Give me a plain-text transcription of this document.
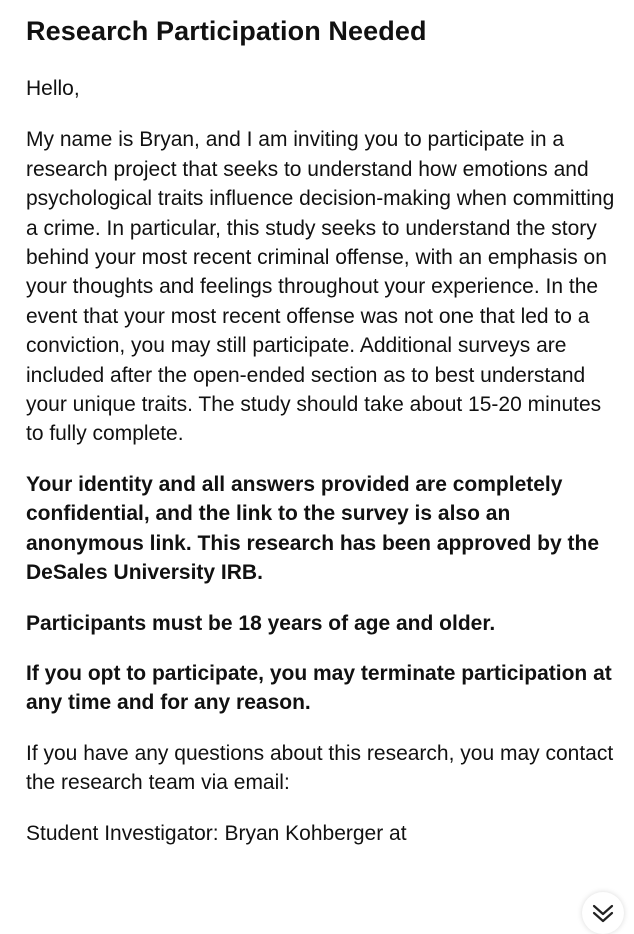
Research Participation Needed
Hello,
My name is Bryan, and I am inviting you to participate in a research project that seeks to understand how emotions and psychological traits influence decision-making when committing a crime. In particular, this study seeks to understand the story behind your most recent criminal offense, with an emphasis on your thoughts and feelings throughout your experience. In the event that your most recent offense was not one that led to a conviction, you may still participate. Additional surveys are included after the open-ended section as to best understand your unique traits. The study should take about 15-20 minutes to fully complete.
Your identity and all answers provided are completely confidential, and the link to the survey is also an anonymous link. This research has been approved by the DeSales University IRB.
Participants must be 18 years of age and older.
If you opt to participate, you may terminate participation at any time and for any reason.
If you have any questions about this research, you may contact the research team via email:
Student Investigator: Bryan Kohberger at
